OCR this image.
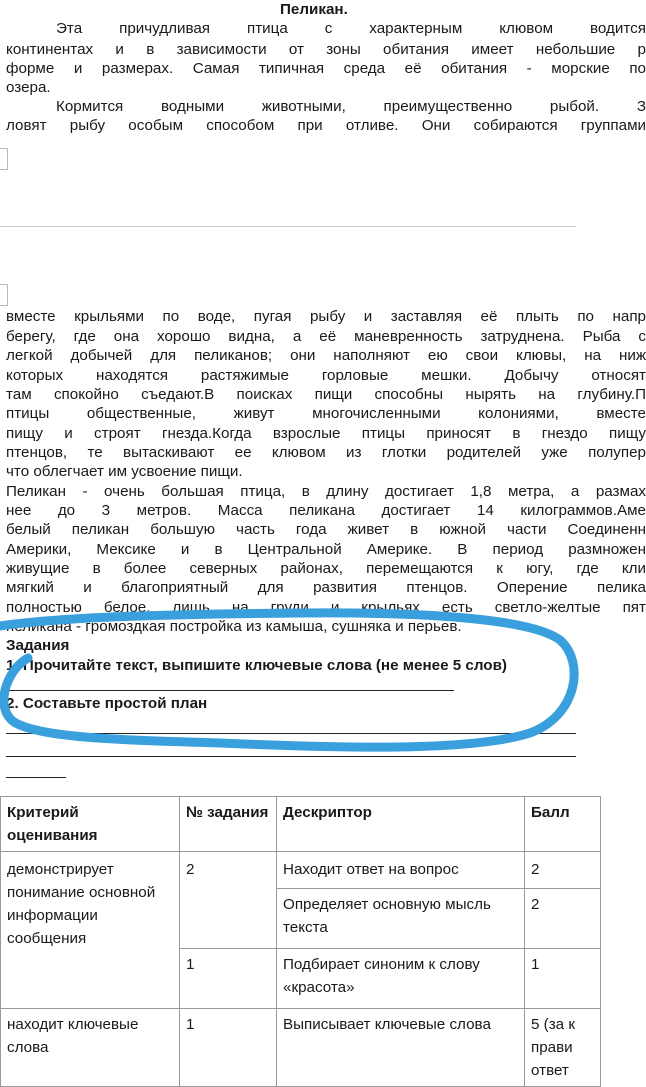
Пеликан.
Эта причудливая птица с характерным клювом водится
континентах и в зависимости от зоны обитания имеет небольшие р
форме и размерах. Самая типичная среда её обитания - морские по
озера.
Кормится водными животными, преимущественно рыбой. З
ловят рыбу особым способом при отливе. Они собираются группами
вместе крыльями по воде, пугая рыбу и заставляя её плыть по напр
берегу, где она хорошо видна, а её маневренность затруднена. Рыба с
легкой добычей для пеликанов; они наполняют ею свои клювы, на ниж
которых находятся растяжимые горловые мешки. Добычу относят
там спокойно съедают.В поисках пищи способны нырять на глубину.П
птицы общественные, живут многочисленными колониями, вместе
пищу и строят гнезда.Когда взрослые птицы приносят в гнездо пищу
птенцов, те вытаскивают ее клювом из глотки родителей уже полупер
что облегчает им усвоение пищи.
Пеликан - очень большая птица, в длину достигает 1,8 метра, а размах
нее до 3 метров. Масса пеликана достигает 14 килограммов.Аме
белый пеликан большую часть года живет в южной части Соединенн
Америки, Мексике и в Центральной Америке. В период размножен
живущие в более северных районах, перемещаются к югу, где кли
мягкий и благоприятный для развития птенцов. Оперение пелика
полностью белое, лишь на груди и крыльях есть светло-желтые пят
пеликана - громоздкая постройка из камыша, сушняка и перьев.
Задания
1. Прочитайте текст, выпишите ключевые слова (не менее 5 слов)
2. Составьте простой план
Критерий оценивания	№ задания	Дескриптор	Балл
демонстрирует понимание основной информации сообщения	2	Находит ответ на вопрос	2
		Определяет основную мысль текста	2
	1	Подбирает синоним к слову «красота»	1
находит ключевые слова	1	Выписывает ключевые слова	5 (за к прави ответ
